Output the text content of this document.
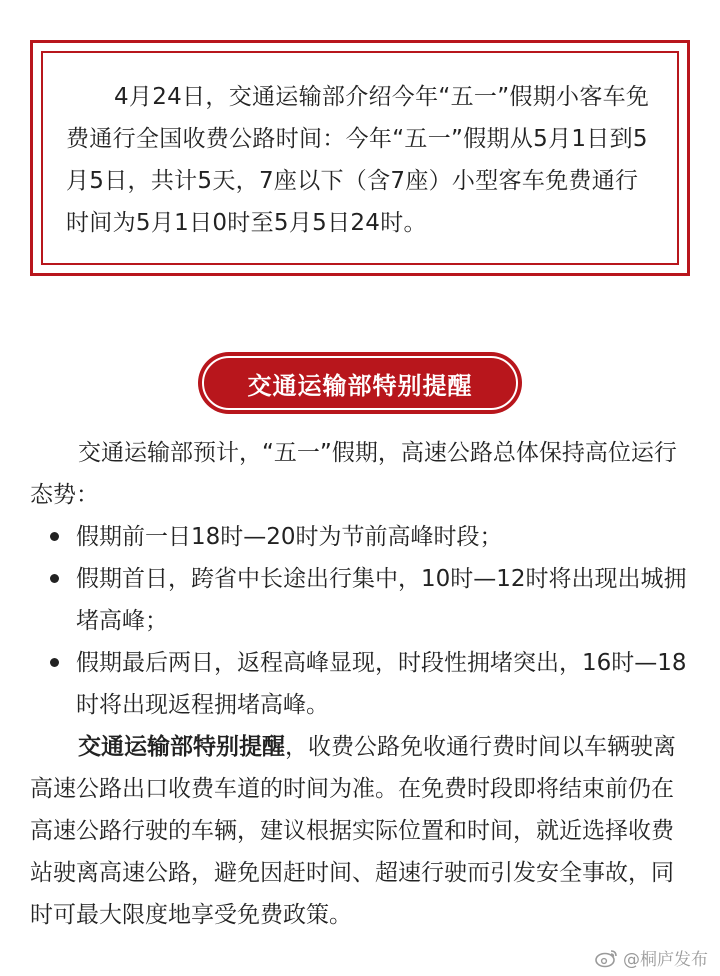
4月24日，交通运输部介绍今年“五一”假期小客车免费通行全国收费公路时间：今年“五一”假期从5月1日到5月5日，共计5天，7座以下（含7座）小型客车免费通行时间为5月1日0时至5月5日24时。

交通运输部特别提醒

交通运输部预计，“五一”假期，高速公路总体保持高位运行态势：

假期前一日18时—20时为节前高峰时段；
假期首日，跨省中长途出行集中，10时—12时将出现出城拥堵高峰；
假期最后两日，返程高峰显现，时段性拥堵突出，16时—18时将出现返程拥堵高峰。

交通运输部特别提醒，收费公路免收通行费时间以车辆驶离高速公路出口收费车道的时间为准。在免费时段即将结束前仍在高速公路行驶的车辆，建议根据实际位置和时间，就近选择收费站驶离高速公路，避免因赶时间、超速行驶而引发安全事故，同时可最大限度地享受免费政策。

@桐庐发布
